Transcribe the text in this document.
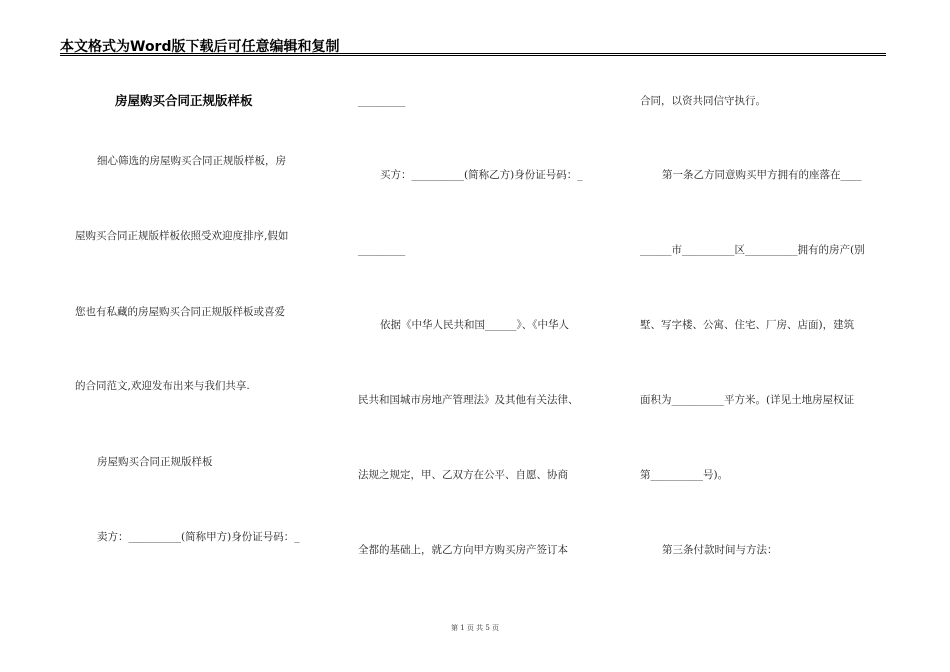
本文格式为Word版下载后可任意编辑和复制
房屋购买合同正规版样板
细心筛选的房屋购买合同正规版样板，房
屋购买合同正规版样板依照受欢迎度排序,假如
您也有私藏的房屋购买合同正规版样板或喜爱
的合同范文,欢迎发布出来与我们共享.
房屋购买合同正规版样板
卖方：__________(简称甲方)身份证号码：_
_________
买方：__________(简称乙方)身份证号码：_
_________
依据《中华人民共和国______》、《中华人
民共和国城市房地产管理法》及其他有关法律、
法规之规定，甲、乙双方在公平、自愿、协商
全都的基础上，就乙方向甲方购买房产签订本
合同，以资共同信守执行。
第一条乙方同意购买甲方拥有的座落在____
______市__________区__________拥有的房产(别
墅、写字楼、公寓、住宅、厂房、店面)，建筑
面积为__________平方米。(详见土地房屋权证
第__________号)。
第三条付款时间与方法：
第 1 页 共 5 页
